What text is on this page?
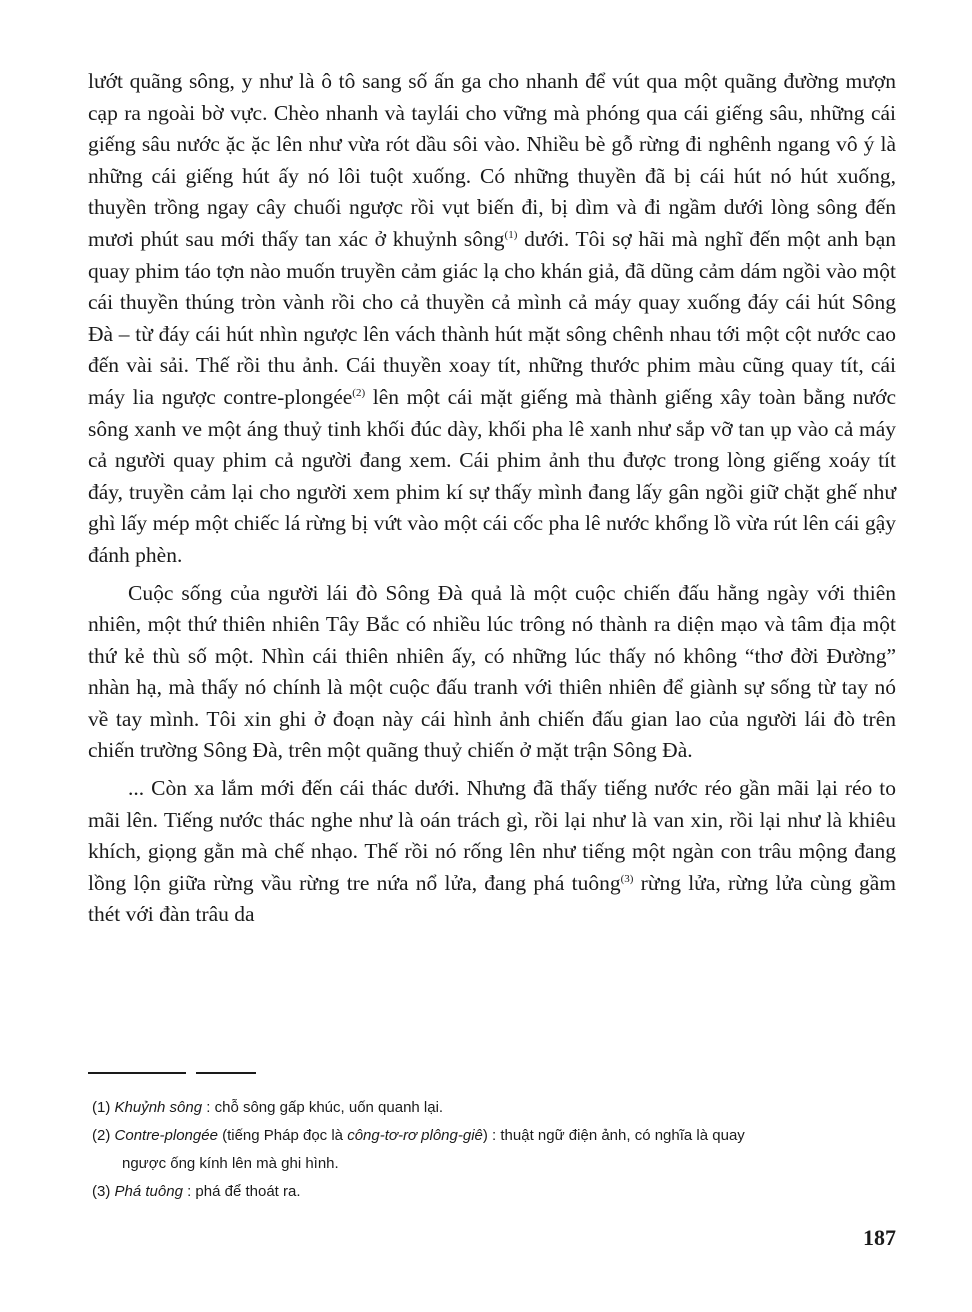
lướt quãng sông, y như là ô tô sang số ấn ga cho nhanh để vút qua một quãng đường mượn cạp ra ngoài bờ vực. Chèo nhanh và taylái cho vững mà phóng qua cái giếng sâu, những cái giếng sâu nước ặc ặc lên như vừa rót dầu sôi vào. Nhiều bè gỗ rừng đi nghênh ngang vô ý là những cái giếng hút ấy nó lôi tuột xuống. Có những thuyền đã bị cái hút nó hút xuống, thuyền trồng ngay cây chuối ngược rồi vụt biến đi, bị dìm và đi ngầm dưới lòng sông đến mươi phút sau mới thấy tan xác ở khuỷnh sông$^{(1)}$ dưới. Tôi sợ hãi mà nghĩ đến một anh bạn quay phim táo tợn nào muốn truyền cảm giác lạ cho khán giả, đã dũng cảm dám ngồi vào một cái thuyền thúng tròn vành rồi cho cả thuyền cả mình cả máy quay xuống đáy cái hút Sông Đà – từ đáy cái hút nhìn ngược lên vách thành hút mặt sông chênh nhau tới một cột nước cao đến vài sải. Thế rồi thu ảnh. Cái thuyền xoay tít, những thước phim màu cũng quay tít, cái máy lia ngược contre-plongée$^{(2)}$ lên một cái mặt giếng mà thành giếng xây toàn bằng nước sông xanh ve một áng thuỷ tinh khối đúc dày, khối pha lê xanh như sắp vỡ tan ụp vào cả máy cả người quay phim cả người đang xem. Cái phim ảnh thu được trong lòng giếng xoáy tít đáy, truyền cảm lại cho người xem phim kí sự thấy mình đang lấy gân ngồi giữ chặt ghế như ghì lấy mép một chiếc lá rừng bị vứt vào một cái cốc pha lê nước khổng lồ vừa rút lên cái gậy đánh phèn.

Cuộc sống của người lái đò Sông Đà quả là một cuộc chiến đấu hằng ngày với thiên nhiên, một thứ thiên nhiên Tây Bắc có nhiều lúc trông nó thành ra diện mạo và tâm địa một thứ kẻ thù số một. Nhìn cái thiên nhiên ấy, có những lúc thấy nó không “thơ đời Đường” nhàn hạ, mà thấy nó chính là một cuộc đấu tranh với thiên nhiên để giành sự sống từ tay nó về tay mình. Tôi xin ghi ở đoạn này cái hình ảnh chiến đấu gian lao của người lái đò trên chiến trường Sông Đà, trên một quãng thuỷ chiến ở mặt trận Sông Đà.

... Còn xa lắm mới đến cái thác dưới. Nhưng đã thấy tiếng nước réo gần mãi lại réo to mãi lên. Tiếng nước thác nghe như là oán trách gì, rồi lại như là van xin, rồi lại như là khiêu khích, giọng gằn mà chế nhạo. Thế rồi nó rống lên như tiếng một ngàn con trâu mộng đang lồng lộn giữa rừng vầu rừng tre nứa nổ lửa, đang phá tuông$^{(3)}$ rừng lửa, rừng lửa cùng gầm thét với đàn trâu da

(1) Khuỷnh sông : chỗ sông gấp khúc, uốn quanh lại.

(2) Contre-plongée (tiếng Pháp đọc là công-tơ-rơ plông-giê) : thuật ngữ điện ảnh, có nghĩa là quay

ngược ống kính lên mà ghi hình.

(3) Phá tuông : phá để thoát ra.

187
